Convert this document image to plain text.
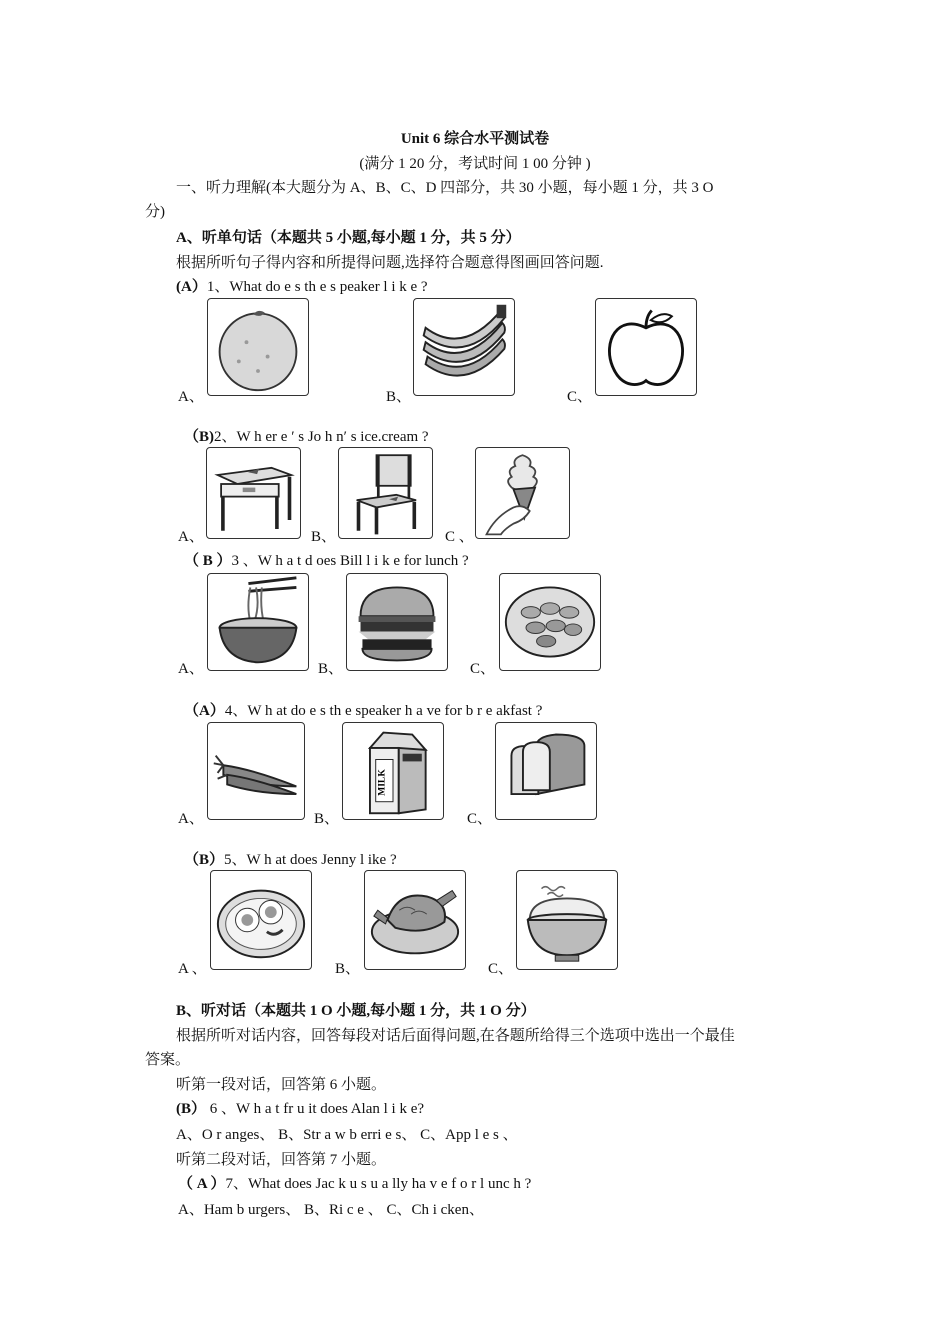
Unit 6 综合水平测试卷
(满分 1 20 分，考试时间 1 00 分钟 )
一、听力理解(本大题分为 A、B、C、D 四部分，共 30 小题，每小题 1 分，共 3 O
分)
A、听单句话（本题共 5 小题,每小题 1 分，共 5 分）
根据所听句子得内容和所提得问题,选择符合题意得图画回答问题.
(A）1、What do e s th e s peaker l i k e ?
A、	B、	C、
（B)2、W h er e ′ s Jo h n′ s ice.cream ?
A、	B、	C 、
（ B ）3 、W h a t d oes Bill l i k e for lunch ?
A、	B、	C、
（A）4、W h at do e s th e speaker h a ve for b r e akfast ?
A、	B、
MILK
C、
（B）5、W h at does Jenny l ike ?
A 、	B、	C、
B、听对话（本题共 1 O 小题,每小题 1 分，共 1 O 分）
根据所听对话内容，回答每段对话后面得问题,在各题所给得三个选项中选出一个最佳
答案。
听第一段对话，回答第 6 小题。
(B） 6 、W h a t fr u it does Alan l i k e?
A、O r anges、 B、Str a w b erri e s、 C、App l e s 、
听第二段对话，回答第 7 小题。
（ A ）7、What does Jac k u s u a lly ha v e f o r l unc h ?
A、Ham b urgers、 B、Ri c e 、 C、Ch i cken、
